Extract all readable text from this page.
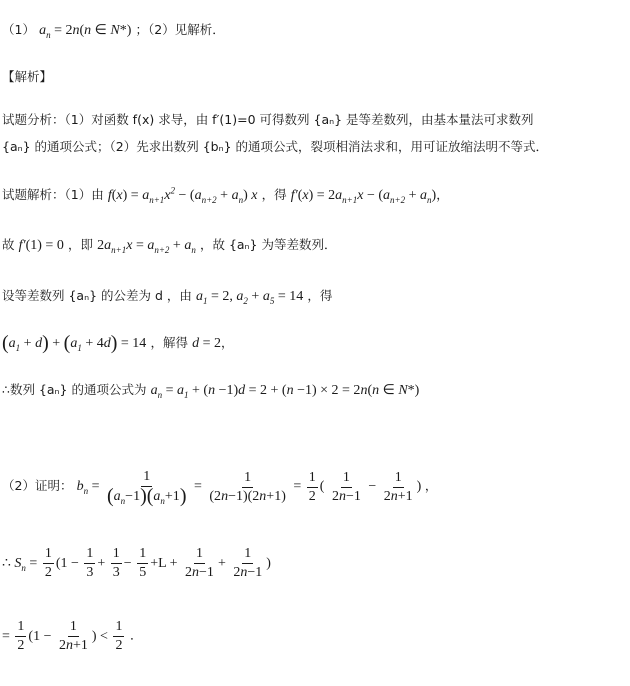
（1） $a_n = 2n(n$ ∈ N*) ；（2）见解析．
【解析】
试题分析：（1）对函数 f(x) 求导，由 f′(1)=0 可得数列 {aₙ} 是等差数列，由基本量法可求数列
{aₙ} 的通项公式；（2）先求出数列 {bₙ} 的通项公式，裂项相消法求和，用可证放缩法明不等式．
试题解析：（1）由 $f(x) = a_{n+1}x^2 - (a_{n+2} + a_n)$ x ，得 $f'(x) = 2a_{n+1}x - (a_{n+2} + a_n)$，
故 f′(1) = 0 ，即 $2a_{n+1}x = a_{n+2} + a_n$ ，故 {aₙ} 为等差数列．
设等差数列 {aₙ} 的公差为 d ，由 $a_1 = 2$, $a_2 + a_5 = 14$ ，得
$(a_1 + d) + (a_1 + 4d) = 14$ ，解得 d = 2，
∴数列 {aₙ} 的通项公式为 $a_n = a_1 + (n -1)d = 2 + (n -1) \times 2 = 2n(n$ ∈ N*)
（2）证明： $b_n = \frac{1}{(a_n-1)(a_n+1)} = \frac{1}{(2n-1)(2n+1)} = \frac{1}{2}$ ( $\frac{1}{2n-1} - \frac{1}{2n+1}$ ) ，
∴ $S_n = \frac{1}{2} (1 - \frac{1}{3} + \frac{1}{3} - \frac{1}{5} +L + \frac{1}{2n-1} + \frac{1}{2n-1}$ )
= $\frac{1}{2} (1 - \frac{1}{2n+1}$ ) < $\frac{1}{2}$ ．
